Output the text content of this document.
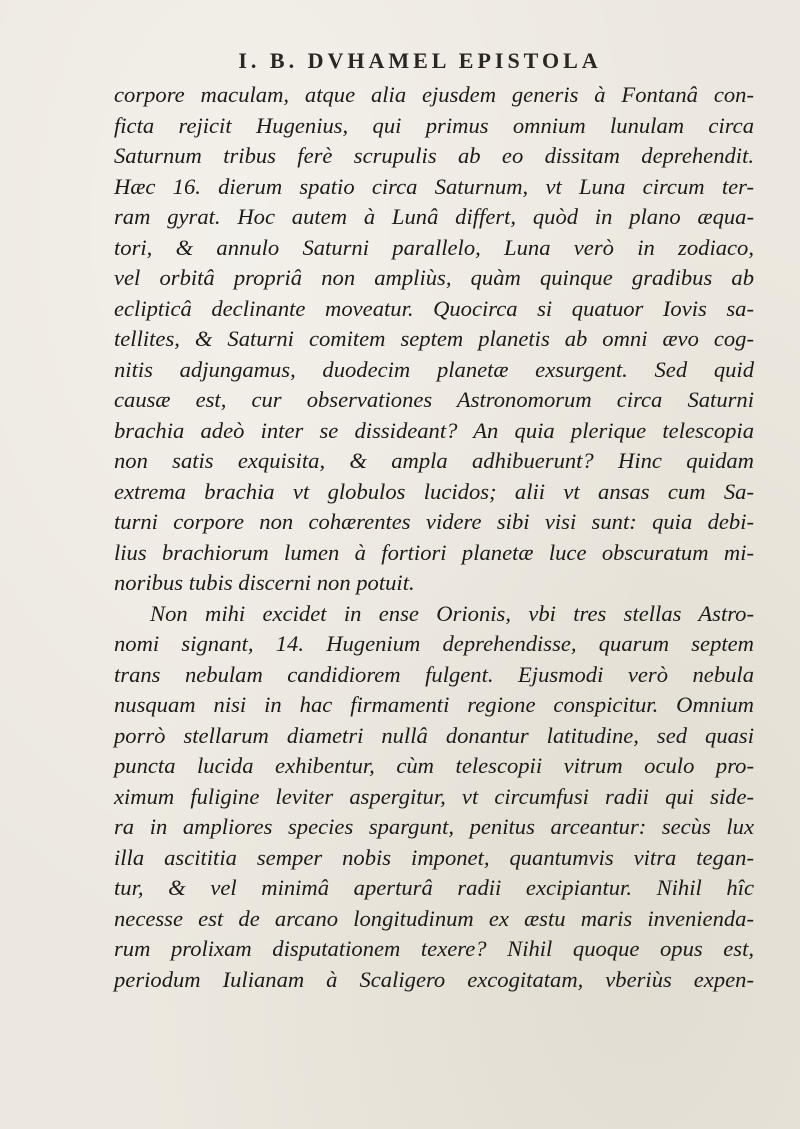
I. B. DVHAMEL EPISTOLA
corpore maculam, atque alia ejusdem generis à Fontanâ con-
ficta rejicit Hugenius, qui primus omnium lunulam circa
Saturnum tribus ferè scrupulis ab eo dissitam deprehendit.
Hæc 16. dierum spatio circa Saturnum, vt Luna circum ter-
ram gyrat. Hoc autem à Lunâ differt, quòd in plano æqua-
tori, & annulo Saturni parallelo, Luna verò in zodiaco,
vel orbitâ propriâ non ampliùs, quàm quinque gradibus ab
eclipticâ declinante moveatur. Quocirca si quatuor Iovis sa-
tellites, & Saturni comitem septem planetis ab omni ævo cog-
nitis adjungamus, duodecim planetæ exsurgent. Sed quid
causæ est, cur observationes Astronomorum circa Saturni
brachia adeò inter se dissideant? An quia plerique telescopia
non satis exquisita, & ampla adhibuerunt? Hinc quidam
extrema brachia vt globulos lucidos; alii vt ansas cum Sa-
turni corpore non cohærentes videre sibi visi sunt: quia debi-
lius brachiorum lumen à fortiori planetæ luce obscuratum mi-
noribus tubis discerni non potuit.
Non mihi excidet in ense Orionis, vbi tres stellas Astro-
nomi signant, 14. Hugenium deprehendisse, quarum septem
trans nebulam candidiorem fulgent. Ejusmodi verò nebula
nusquam nisi in hac firmamenti regione conspicitur. Omnium
porrò stellarum diametri nullâ donantur latitudine, sed quasi
puncta lucida exhibentur, cùm telescopii vitrum oculo pro-
ximum fuligine leviter aspergitur, vt circumfusi radii qui side-
ra in ampliores species spargunt, penitus arceantur: secùs lux
illa ascititia semper nobis imponet, quantumvis vitra tegan-
tur, & vel minimâ aperturâ radii excipiantur. Nihil hîc
necesse est de arcano longitudinum ex æstu maris invenienda-
rum prolixam disputationem texere? Nihil quoque opus est,
periodum Iulianam à Scaligero excogitatam, vberiùs expen-
